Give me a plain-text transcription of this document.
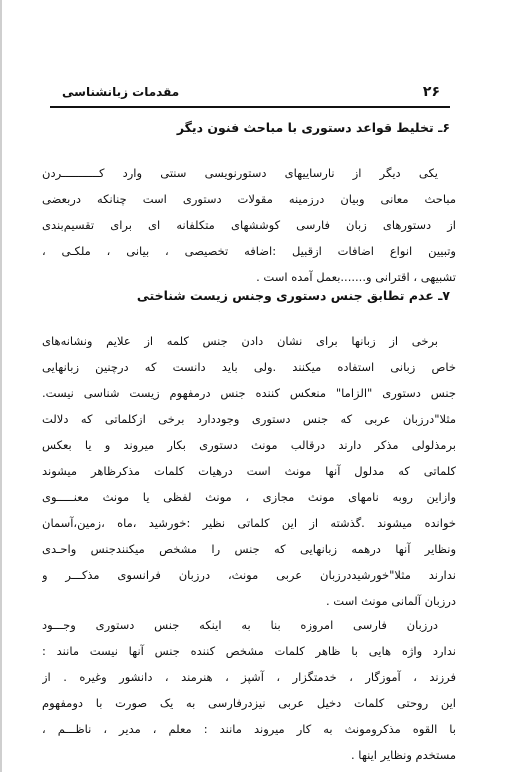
۲۶
مقدمات زبانشناسی
۶ـ تخلیط قواعد دستوری با مباحث فنون دیگر
یکی دیگر از نارساییهای دستورنویسی سنتی وارد کـــــــــــردن
مباحث معانی وبیان درزمینه مقولات دستوری است چنانکه دربعضی
از دستورهای زبان فارسی کوششهای متکلفانه ای برای تقسیم‌بندی
وتبیین انواع اضافات ازقبیل :اضافه تخصیصی ، بیانی ، ملکـی ،
تشبیهی ، اقترانی و.......بعمل آمده است .
۷ـ عدم تطابق جنس دستوری وجنس زیست شناختی
برخی از زبانها برای نشان دادن جنس کلمه از علایم ونشانه‌های
خاص زبانی استفاده میکنند .ولی باید دانست که درچنین زبانهایی
جنس دستوری "الزاما" منعکس کننده جنس درمفهوم زیست شناسی نیست.
مثلا"درزبان عربی که جنس دستوری وجوددارد برخی ازکلماتی که دلالت
برمذلولی مذکر دارند درقالب مونث دستوری بکار میروند و یا بعکس
کلماتی که مدلول آنها مونث است درهیات کلمات مذکرظاهر میشوند
وازاین روبه نامهای مونث مجازی ، مونث لفظی یا مونث معنـــــوی
خوانده میشوند .گذشته از این کلماتی نظیر :خورشید ،ماه ،زمین،آسمان
ونظایر آنها درهمه زبانهایی که جنس را مشخص میکنندجنس واحـدی
ندارند مثلا"خورشیددرزبان عربی مونث، درزبان فرانسوی مذکـــر و
درزبان آلمانی مونث است .
درزبان فارسی امروزه بنا به اینکه جنس دستوری وجـــود
ندارد واژه هایی با ظاهر کلمات مشخص کننده جنس آنها نیست مانند :
فرزند ، آموزگار ، خدمتگزار ، آشپز ، هنرمند ، دانشور وغیره . از
این روحتی کلمات دخیل عربی نیزدرفارسی به یک صورت با دومفهوم
با القوه مذکرومونث به کار میروند مانند : معلم ، مدیر ، ناظـــم ،
مستخدم ونظایر اینها .
